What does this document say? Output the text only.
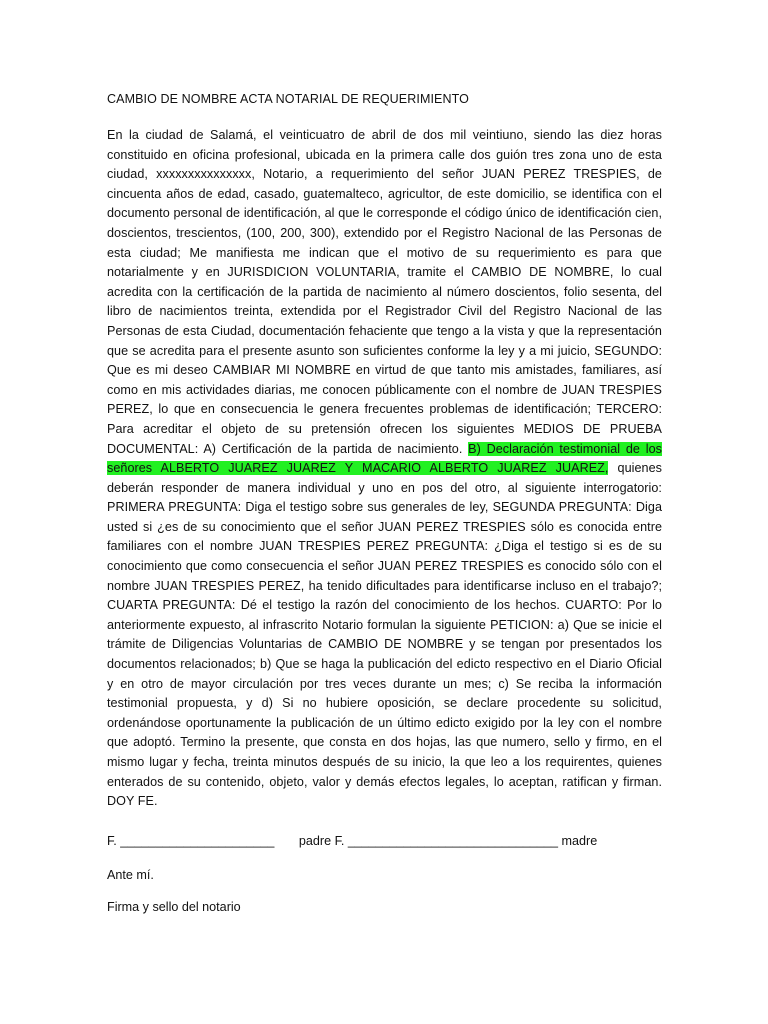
CAMBIO DE NOMBRE ACTA NOTARIAL DE REQUERIMIENTO

En la ciudad de Salamá, el veinticuatro de abril de dos mil veintiuno, siendo las diez horas constituido en oficina profesional, ubicada en la primera calle dos guión tres zona uno de esta ciudad, xxxxxxxxxxxxxxx, Notario, a requerimiento del señor JUAN PEREZ TRESPIES, de cincuenta años de edad, casado, guatemalteco, agricultor, de este domicilio, se identifica con el documento personal de identificación, al que le corresponde el código único de identificación cien, doscientos, trescientos, (100, 200, 300), extendido por el Registro Nacional de las Personas de esta ciudad; Me manifiesta me indican que el motivo de su requerimiento es para que notarialmente y en JURISDICION VOLUNTARIA, tramite el CAMBIO DE NOMBRE, lo cual acredita con la certificación de la partida de nacimiento al número doscientos, folio sesenta, del libro de nacimientos treinta, extendida por el Registrador Civil del Registro Nacional de las Personas de esta Ciudad, documentación fehaciente que tengo a la vista y que la representación que se acredita para el presente asunto son suficientes conforme la ley y a mi juicio, SEGUNDO: Que es mi deseo CAMBIAR MI NOMBRE en virtud de que tanto mis amistades, familiares, así como en mis actividades diarias, me conocen públicamente con el nombre de JUAN TRESPIES PEREZ, lo que en consecuencia le genera frecuentes problemas de identificación; TERCERO: Para acreditar el objeto de su pretensión ofrecen los siguientes MEDIOS DE PRUEBA DOCUMENTAL: A) Certificación de la partida de nacimiento. B) Declaración testimonial de los señores ALBERTO JUAREZ JUAREZ Y MACARIO ALBERTO JUAREZ JUAREZ, quienes deberán responder de manera individual y uno en pos del otro, al siguiente interrogatorio: PRIMERA PREGUNTA: Diga el testigo sobre sus generales de ley, SEGUNDA PREGUNTA: Diga usted si ¿es de su conocimiento que el señor JUAN PEREZ TRESPIES sólo es conocida entre familiares con el nombre JUAN TRESPIES PEREZ PREGUNTA: ¿Diga el testigo si es de su conocimiento que como consecuencia el señor JUAN PEREZ TRESPIES es conocido sólo con el nombre JUAN TRESPIES PEREZ, ha tenido dificultades para identificarse incluso en el trabajo?; CUARTA PREGUNTA: Dé el testigo la razón del conocimiento de los hechos. CUARTO: Por lo anteriormente expuesto, al infrascrito Notario formulan la siguiente PETICION: a) Que se inicie el trámite de Diligencias Voluntarias de CAMBIO DE NOMBRE y se tengan por presentados los documentos relacionados; b) Que se haga la publicación del edicto respectivo en el Diario Oficial y en otro de mayor circulación por tres veces durante un mes; c) Se reciba la información testimonial propuesta, y d) Si no hubiere oposición, se declare procedente su solicitud, ordenándose oportunamente la publicación de un último edicto exigido por la ley con el nombre que adoptó. Termino la presente, que consta en dos hojas, las que numero, sello y firmo, en el mismo lugar y fecha, treinta minutos después de su inicio, la que leo a los requirentes, quienes enterados de su contenido, objeto, valor y demás efectos legales, lo aceptan, ratifican y firman. DOY FE.

F. ______________________       padre F. ______________________________ madre

Ante mí.

Firma y sello del notario
